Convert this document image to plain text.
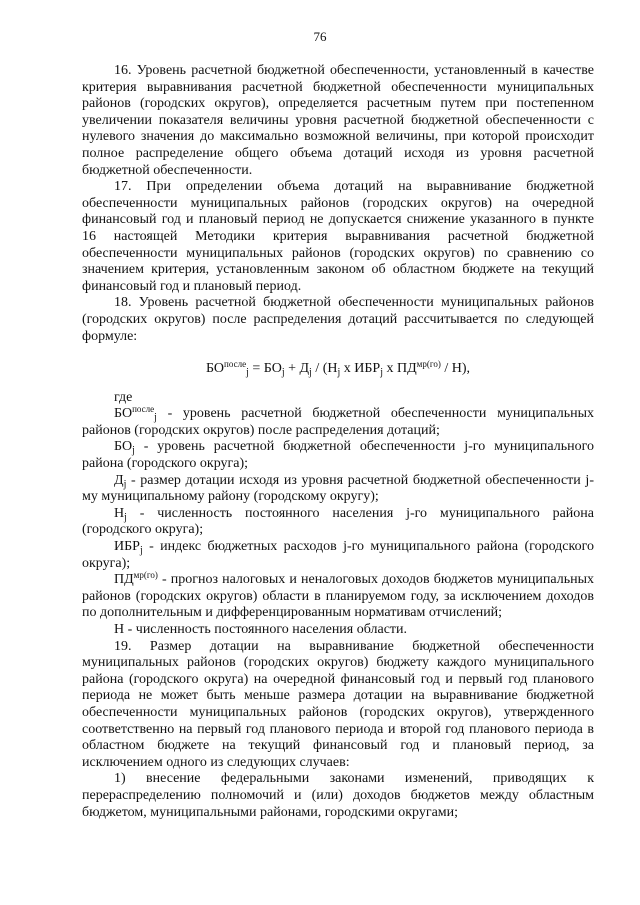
76

16. Уровень расчетной бюджетной обеспеченности, установленный в качестве критерия выравнивания расчетной бюджетной обеспеченности муниципальных районов (городских округов), определяется расчетным путем при постепенном увеличении показателя величины уровня расчетной бюджетной обеспеченности с нулевого значения до максимально возможной величины, при которой происходит полное распределение общего объема дотаций исходя из уровня расчетной бюджетной обеспеченности.

17. При определении объема дотаций на выравнивание бюджетной обеспеченности муниципальных районов (городских округов) на очередной финансовый год и плановый период не допускается снижение указанного в пункте 16 настоящей Методики критерия выравнивания расчетной бюджетной обеспеченности муниципальных районов (городских округов) по сравнению со значением критерия, установленным законом об областном бюджете на текущий финансовый год и плановый период.

18. Уровень расчетной бюджетной обеспеченности муниципальных районов (городских округов) после распределения дотаций рассчитывается по следующей формуле:

$БО^{после}_j = БО_j + Д_j / (Н_j$ х $ИБР_j$ х $ПД^{мр(го)} / Н$),

где

$БО^{после}_j$ - уровень расчетной бюджетной обеспеченности муниципальных районов (городских округов) после распределения дотаций;

$БО_j$ - уровень расчетной бюджетной обеспеченности j-го муниципального района (городского округа);

$Д_j$ - размер дотации исходя из уровня расчетной бюджетной обеспеченности j-му муниципальному району (городскому округу);

$Н_j$ - численность постоянного населения j-го муниципального района (городского округа);

$ИБР_j$ - индекс бюджетных расходов j-го муниципального района (городского округа);

$ПД^{мр(го)}$ - прогноз налоговых и неналоговых доходов бюджетов муниципальных районов (городских округов) области в планируемом году, за исключением доходов по дополнительным и дифференцированным нормативам отчислений;

Н - численность постоянного населения области.

19. Размер дотации на выравнивание бюджетной обеспеченности муниципальных районов (городских округов) бюджету каждого муниципального района (городского округа) на очередной финансовый год и первый год планового периода не может быть меньше размера дотации на выравнивание бюджетной обеспеченности муниципальных районов (городских округов), утвержденного соответственно на первый год планового периода и второй год планового периода в областном бюджете на текущий финансовый год и плановый период, за исключением одного из следующих случаев:

1) внесение федеральными законами изменений, приводящих к перераспределению полномочий и (или) доходов бюджетов между областным бюджетом, муниципальными районами, городскими округами;
